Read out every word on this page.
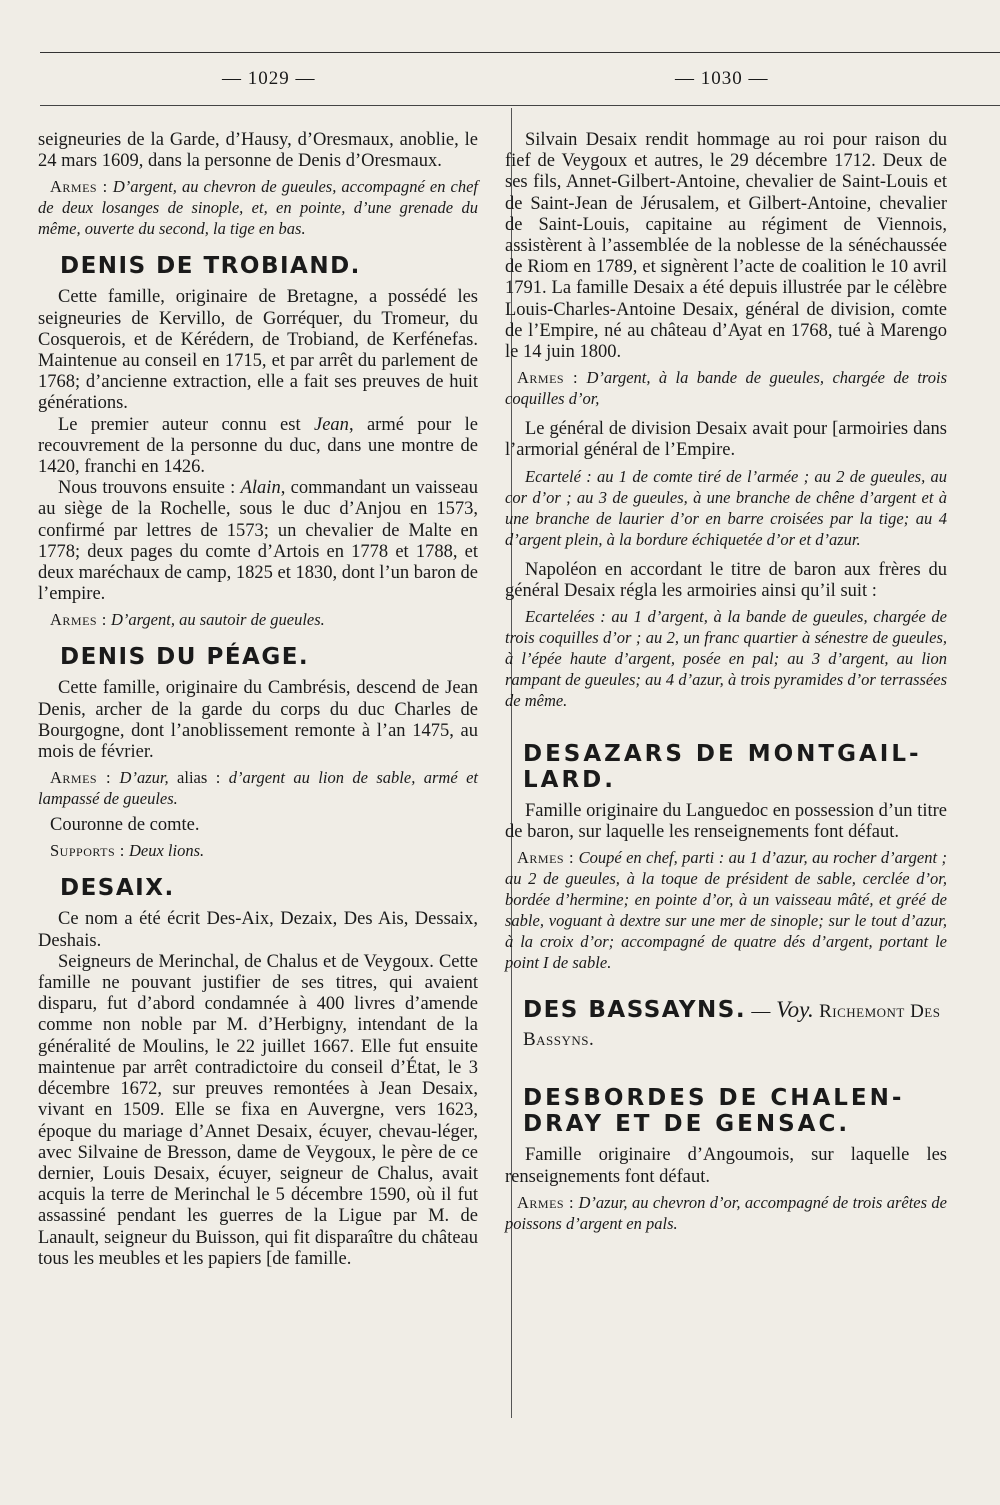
— 1029 —	— 1030 —

seigneuries de la Garde, d’Hausy, d’Oresmaux, anoblie, le 24 mars 1609, dans la personne de Denis d’Oresmaux.

Armes : D’argent, au chevron de gueules, accompagné en chef de deux losanges de sinople, et, en pointe, d’une grenade du même, ouverte du second, la tige en bas.

DENIS DE TROBIAND.

Cette famille, originaire de Bretagne, a possédé les seigneuries de Kervillo, de Gorréquer, du Tromeur, du Cosquerois, et de Kérédern, de Trobiand, de Kerfénefas. Maintenue au conseil en 1715, et par arrêt du parlement de 1768; d’ancienne extraction, elle a fait ses preuves de huit générations.

Le premier auteur connu est Jean, armé pour le recouvrement de la personne du duc, dans une montre de 1420, franchi en 1426.

Nous trouvons ensuite : Alain, commandant un vaisseau au siège de la Rochelle, sous le duc d’Anjou en 1573, confirmé par lettres de 1573; un chevalier de Malte en 1778; deux pages du comte d’Artois en 1778 et 1788, et deux maréchaux de camp, 1825 et 1830, dont l’un baron de l’empire.

Armes : D’argent, au sautoir de gueules.

DENIS DU PÉAGE.

Cette famille, originaire du Cambrésis, descend de Jean Denis, archer de la garde du corps du duc Charles de Bourgogne, dont l’anoblissement remonte à l’an 1475, au mois de février.

Armes : D’azur, alias : d’argent au lion de sable, armé et lampassé de gueules.

Couronne de comte.

Supports : Deux lions.

DESAIX.

Ce nom a été écrit Des-Aix, Dezaix, Des Ais, Dessaix, Deshais.

Seigneurs de Merinchal, de Chalus et de Veygoux. Cette famille ne pouvant justifier de ses titres, qui avaient disparu, fut d’abord condamnée à 400 livres d’amende comme non noble par M. d’Herbigny, intendant de la généralité de Moulins, le 22 juillet 1667. Elle fut ensuite maintenue par arrêt contradictoire du conseil d’État, le 3 décembre 1672, sur preuves remontées à Jean Desaix, vivant en 1509. Elle se fixa en Auvergne, vers 1623, époque du mariage d’Annet Desaix, écuyer, chevau-léger, avec Silvaine de Bresson, dame de Veygoux, le père de ce dernier, Louis Desaix, écuyer, seigneur de Chalus, avait acquis la terre de Merinchal le 5 décembre 1590, où il fut assassiné pendant les guerres de la Ligue par M. de Lanault, seigneur du Buisson, qui fit disparaître du château tous les meubles et les papiers [de famille.

Silvain Desaix rendit hommage au roi pour raison du fief de Veygoux et autres, le 29 décembre 1712. Deux de ses fils, Annet-Gilbert-Antoine, chevalier de Saint-Louis et de Saint-Jean de Jérusalem, et Gilbert-Antoine, chevalier de Saint-Louis, capitaine au régiment de Viennois, assistèrent à l’assemblée de la noblesse de la sénéchaussée de Riom en 1789, et signèrent l’acte de coalition le 10 avril 1791. La famille Desaix a été depuis illustrée par le célèbre Louis-Charles-Antoine Desaix, général de division, comte de l’Empire, né au château d’Ayat en 1768, tué à Marengo le 14 juin 1800.

Armes : D’argent, à la bande de gueules, chargée de trois coquilles d’or,

Le général de division Desaix avait pour [armoiries dans l’armorial général de l’Empire.

Ecartelé : au 1 de comte tiré de l’armée ; au 2 de gueules, au cor d’or ; au 3 de gueules, à une branche de chêne d’argent et à une branche de laurier d’or en barre croisées par la tige; au 4 d’argent plein, à la bordure échiquetée d’or et d’azur.

Napoléon en accordant le titre de baron aux frères du général Desaix régla les armoiries ainsi qu’il suit :

Ecartelées : au 1 d’argent, à la bande de gueules, chargée de trois coquilles d’or ; au 2, un franc quartier à sénestre de gueules, à l’épée haute d’argent, posée en pal; au 3 d’argent, au lion rampant de gueules; au 4 d’azur, à trois pyramides d’or terrassées de même.

DESAZARS DE MONTGAIL-LARD.

Famille originaire du Languedoc en possession d’un titre de baron, sur laquelle les renseignements font défaut.

Armes : Coupé en chef, parti : au 1 d’azur, au rocher d’argent ; au 2 de gueules, à la toque de président de sable, cerclée d’or, bordée d’hermine; en pointe d’or, à un vaisseau mâté, et gréé de sable, voguant à dextre sur une mer de sinople; sur le tout d’azur, à la croix d’or; accompagné de quatre dés d’argent, portant le point I de sable.

DES BASSAYNS. — Voy. Richemont Des Bassyns.
DESBORDES DE CHALEN-DRAY ET DE GENSAC.

Famille originaire d’Angoumois, sur laquelle les renseignements font défaut.

Armes : D’azur, au chevron d’or, accompagné de trois arêtes de poissons d’argent en pals.
